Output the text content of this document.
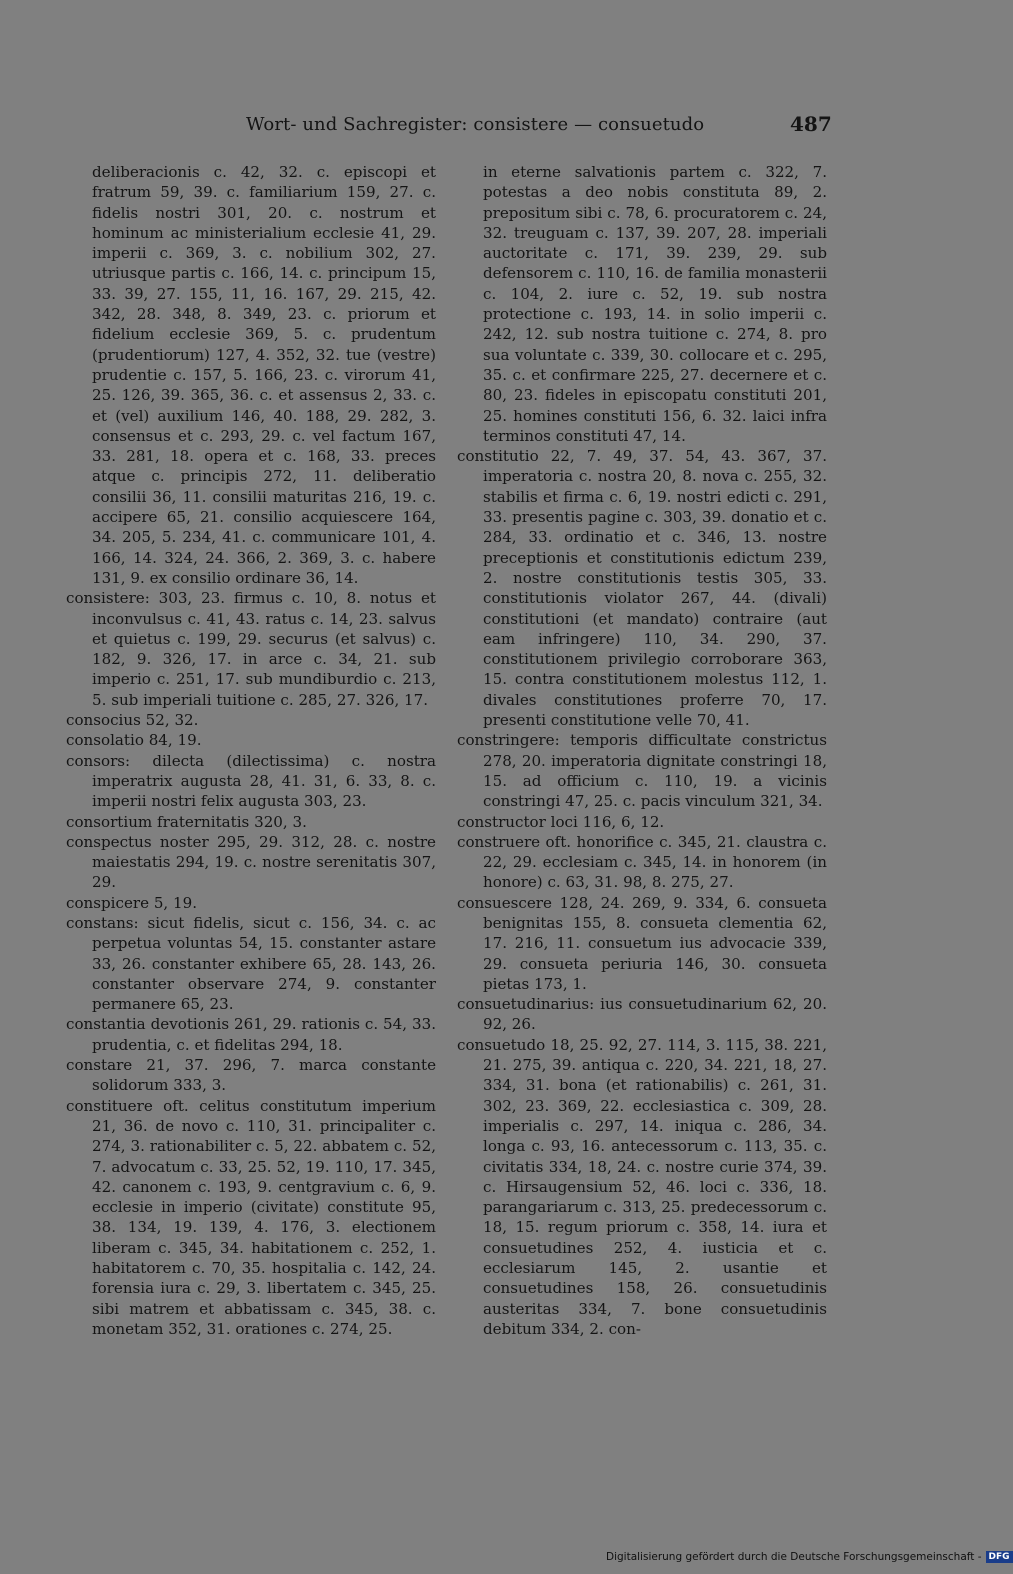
Wort- und Sachregister: consistere — consuetudo	487

deliberacionis c. 42, 32. c. episcopi et fratrum 59, 39. c. familiarium 159, 27. c. fidelis nostri 301, 20. c. nostrum et hominum ac ministerialium ecclesie 41, 29. imperii c. 369, 3. c. nobilium 302, 27. utriusque partis c. 166, 14. c. principum 15, 33. 39, 27. 155, 11, 16. 167, 29. 215, 42. 342, 28. 348, 8. 349, 23. c. priorum et fidelium ecclesie 369, 5. c. prudentum (prudentiorum) 127, 4. 352, 32. tue (vestre) prudentie c. 157, 5. 166, 23. c. virorum 41, 25. 126, 39. 365, 36. c. et assensus 2, 33. c. et (vel) auxilium 146, 40. 188, 29. 282, 3. consensus et c. 293, 29. c. vel factum 167, 33. 281, 18. opera et c. 168, 33. preces atque c. principis 272, 11. deliberatio consilii 36, 11. consilii maturitas 216, 19. c. accipere 65, 21. consilio acquiescere 164, 34. 205, 5. 234, 41. c. communicare 101, 4. 166, 14. 324, 24. 366, 2. 369, 3. c. habere 131, 9. ex consilio ordinare 36, 14.

consistere: 303, 23. firmus c. 10, 8. notus et inconvulsus c. 41, 43. ratus c. 14, 23. salvus et quietus c. 199, 29. securus (et salvus) c. 182, 9. 326, 17. in arce c. 34, 21. sub imperio c. 251, 17. sub mundiburdio c. 213, 5. sub imperiali tuitione c. 285, 27. 326, 17.

consocius 52, 32.

consolatio 84, 19.

consors: dilecta (dilectissima) c. nostra imperatrix augusta 28, 41. 31, 6. 33, 8. c. imperii nostri felix augusta 303, 23.

consortium fraternitatis 320, 3.

conspectus noster 295, 29. 312, 28. c. nostre maiestatis 294, 19. c. nostre serenitatis 307, 29.

conspicere 5, 19.

constans: sicut fidelis, sicut c. 156, 34. c. ac perpetua voluntas 54, 15. constanter astare 33, 26. constanter exhibere 65, 28. 143, 26. constanter observare 274, 9. constanter permanere 65, 23.

constantia devotionis 261, 29. rationis c. 54, 33. prudentia, c. et fidelitas 294, 18.

constare 21, 37. 296, 7. marca constante solidorum 333, 3.

constituere oft. celitus constitutum imperium 21, 36. de novo c. 110, 31. principaliter c. 274, 3. rationabiliter c. 5, 22. abbatem c. 52, 7. advocatum c. 33, 25. 52, 19. 110, 17. 345, 42. canonem c. 193, 9. centgravium c. 6, 9. ecclesie in imperio (civitate) constitute 95, 38. 134, 19. 139, 4. 176, 3. electionem liberam c. 345, 34. habitationem c. 252, 1. habitatorem c. 70, 35. hospitalia c. 142, 24. forensia iura c. 29, 3. libertatem c. 345, 25. sibi matrem et abbatissam c. 345, 38. c. monetam 352, 31. orationes c. 274, 25.

in eterne salvationis partem c. 322, 7. potestas a deo nobis constituta 89, 2. prepositum sibi c. 78, 6. procuratorem c. 24, 32. treuguam c. 137, 39. 207, 28. imperiali auctoritate c. 171, 39. 239, 29. sub defensorem c. 110, 16. de familia monasterii c. 104, 2. iure c. 52, 19. sub nostra protectione c. 193, 14. in solio imperii c. 242, 12. sub nostra tuitione c. 274, 8. pro sua voluntate c. 339, 30. collocare et c. 295, 35. c. et confirmare 225, 27. decernere et c. 80, 23. fideles in episcopatu constituti 201, 25. homines constituti 156, 6. 32. laici infra terminos constituti 47, 14.

constitutio 22, 7. 49, 37. 54, 43. 367, 37. imperatoria c. nostra 20, 8. nova c. 255, 32. stabilis et firma c. 6, 19. nostri edicti c. 291, 33. presentis pagine c. 303, 39. donatio et c. 284, 33. ordinatio et c. 346, 13. nostre preceptionis et constitutionis edictum 239, 2. nostre constitutionis testis 305, 33. constitutionis violator 267, 44. (divali) constitutioni (et mandato) contraire (aut eam infringere) 110, 34. 290, 37. constitutionem privilegio corroborare 363, 15. contra constitutionem molestus 112, 1. divales constitutiones proferre 70, 17. presenti constitutione velle 70, 41.

constringere: temporis difficultate constrictus 278, 20. imperatoria dignitate constringi 18, 15. ad officium c. 110, 19. a vicinis constringi 47, 25. c. pacis vinculum 321, 34.

constructor loci 116, 6, 12.

construere oft. honorifice c. 345, 21. claustra c. 22, 29. ecclesiam c. 345, 14. in honorem (in honore) c. 63, 31. 98, 8. 275, 27.

consuescere 128, 24. 269, 9. 334, 6. consueta benignitas 155, 8. consueta clementia 62, 17. 216, 11. consuetum ius advocacie 339, 29. consueta periuria 146, 30. consueta pietas 173, 1.

consuetudinarius: ius consuetudinarium 62, 20. 92, 26.

consuetudo 18, 25. 92, 27. 114, 3. 115, 38. 221, 21. 275, 39. antiqua c. 220, 34. 221, 18, 27. 334, 31. bona (et rationabilis) c. 261, 31. 302, 23. 369, 22. ecclesiastica c. 309, 28. imperialis c. 297, 14. iniqua c. 286, 34. longa c. 93, 16. antecessorum c. 113, 35. c. civitatis 334, 18, 24. c. nostre curie 374, 39. c. Hirsaugensium 52, 46. loci c. 336, 18. parangariarum c. 313, 25. predecessorum c. 18, 15. regum priorum c. 358, 14. iura et consuetudines 252, 4. iusticia et c. ecclesiarum 145, 2. usantie et consuetudines 158, 26. consuetudinis austeritas 334, 7. bone consuetudinis debitum 334, 2. con-

Digitalisierung gefördert durch die Deutsche Forschungsgemeinschaft - DFG
